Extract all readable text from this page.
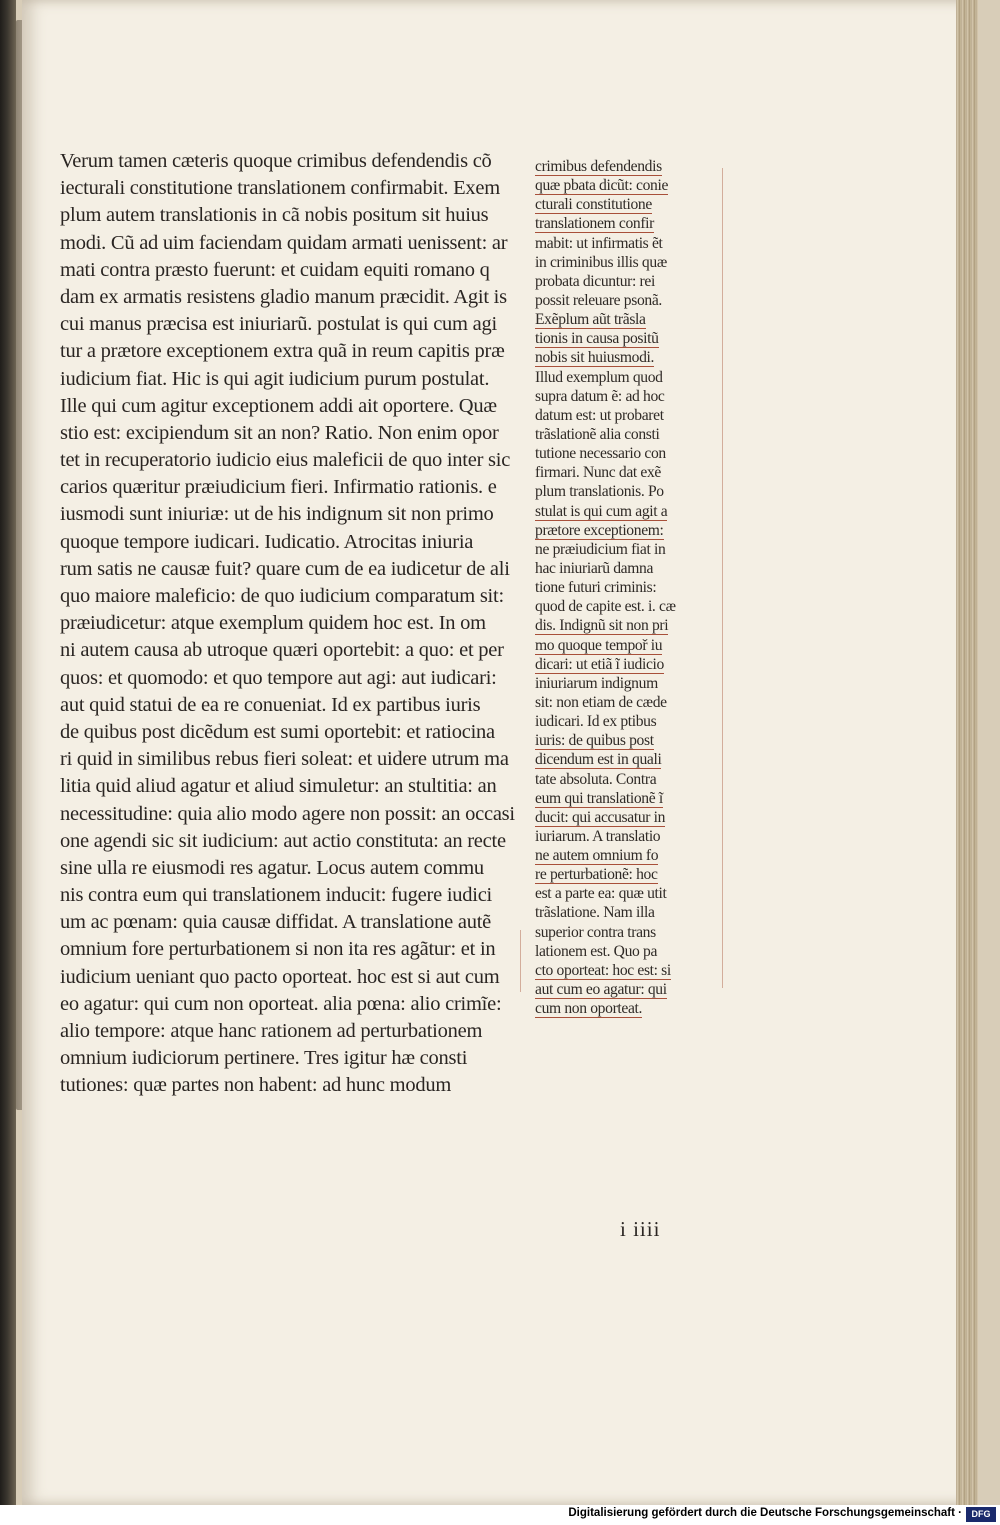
Verum tamen cæteris quoque crimibus defendendis cõ
iecturali constitutione translationem confirmabit. Exem
plum autem translationis in cã nobis positum sit huius
modi. Cũ ad uim faciendam quidam armati uenissent: ar
mati contra præsto fuerunt: et cuidam equiti romano q
dam ex armatis resistens gladio manum præcidit. Agit is
cui manus præcisa est iniuriarũ. postulat is qui cum agi
tur a prætore exceptionem extra quã in reum capitis præ
iudicium fiat. Hic is qui agit iudicium purum postulat.
Ille qui cum agitur exceptionem addi ait oportere. Quæ
stio est: excipiendum sit an non? Ratio. Non enim opor
tet in recuperatorio iudicio eius maleficii de quo inter sic
carios quæritur præiudicium fieri. Infirmatio rationis. e
iusmodi sunt iniuriæ: ut de his indignum sit non primo
quoque tempore iudicari. Iudicatio. Atrocitas iniuria
rum satis ne causæ fuit? quare cum de ea iudicetur de ali
quo maiore maleficio: de quo iudicium comparatum sit:
præiudicetur: atque exemplum quidem hoc est. In om
ni autem causa ab utroque quæri oportebit: a quo: et per
quos: et quomodo: et quo tempore aut agi: aut iudicari:
aut quid statui de ea re conueniat. Id ex partibus iuris
de quibus post dicẽdum est sumi oportebit: et ratiocina
ri quid in similibus rebus fieri soleat: et uidere utrum ma
litia quid aliud agatur et aliud simuletur: an stultitia: an
necessitudine: quia alio modo agere non possit: an occasi
one agendi sic sit iudicium: aut actio constituta: an recte
sine ulla re eiusmodi res agatur. Locus autem commu
nis contra eum qui translationem inducit: fugere iudici
um ac pœnam: quia causæ diffidat. A translatione autẽ
omnium fore perturbationem si non ita res agãtur: et in
iudicium ueniant quo pacto oporteat. hoc est si aut cum
eo agatur: qui cum non oporteat. alia pœna: alio crimĩe:
alio tempore: atque hanc rationem ad perturbationem
omnium iudiciorum pertinere. Tres igitur hæ consti
tutiones: quæ partes non habent: ad hunc modum
crimibus defendendis
quæ pbata dicũt: conie
cturali constitutione
translationem confir
mabit: ut infirmatis ẽt
in criminibus illis quæ
probata dicuntur: rei
possit releuare psonã.
Exẽplum aũt trãsla
tionis in causa positũ
nobis sit huiusmodi.
Illud exemplum quod
supra datum ẽ: ad hoc
datum est: ut probaret
trãslationẽ alia consti
tutione necessario con
firmari. Nunc dat exẽ
plum translationis. Po
stulat is qui cum agit a
prætore exceptionem:
ne præiudicium fiat in
hac iniuriarũ damna
tione futuri criminis:
quod de capite est. i. cæ
dis. Indignũ sit non pri
mo quoque tempoř iu
dicari: ut etiã ĩ iudicio
iniuriarum indignum
sit: non etiam de cæde
iudicari. Id ex ptibus
iuris: de quibus post
dicendum est in quali
tate absoluta. Contra
eum qui translationẽ ĩ
ducit: qui accusatur in
iuriarum. A translatio
ne autem omnium fo
re perturbationẽ: hoc
est a parte ea: quæ utit
trãslatione. Nam illa
superior contra trans
lationem est. Quo pa
cto oporteat: hoc est: si
aut cum eo agatur: qui
cum non oporteat.
i iiii
Digitalisierung gefördert durch die Deutsche Forschungsgemeinschaft ·	DFG
